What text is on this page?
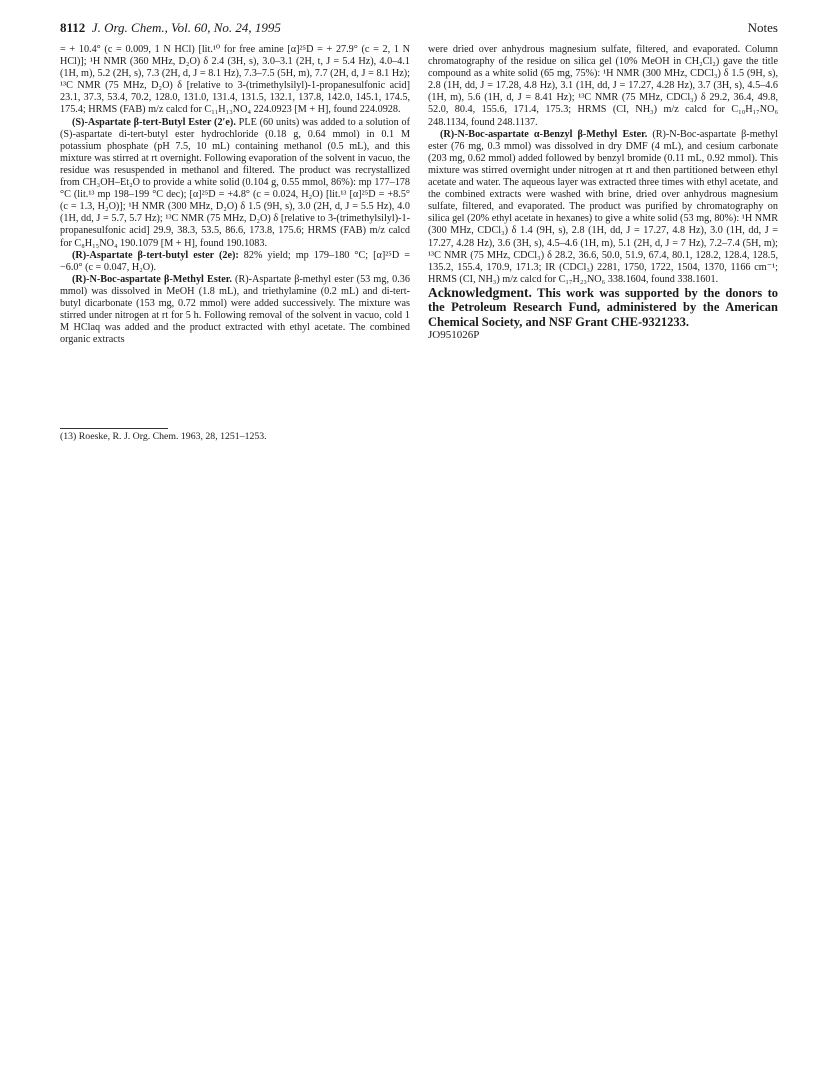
8112 J. Org. Chem., Vol. 60, No. 24, 1995	Notes

= + 10.4° (c = 0.009, 1 N HCl) [lit.¹⁰ for free amine [α]²⁵D = + 27.9° (c = 2, 1 N HCl)]; ¹H NMR (360 MHz, D₂O) δ 2.4 (3H, s), 3.0–3.1 (2H, t, J = 5.4 Hz), 4.0–4.1 (1H, m), 5.2 (2H, s), 7.3 (2H, d, J = 8.1 Hz), 7.3–7.5 (5H, m), 7.7 (2H, d, J = 8.1 Hz); ¹³C NMR (75 MHz, D₂O) δ [relative to 3-(trimethylsilyl)-1-propanesulfonic acid] 23.1, 37.3, 53.4, 70.2, 128.0, 131.0, 131.4, 131.5, 132.1, 137.8, 142.0, 145.1, 174.5, 175.4; HRMS (FAB) m/z calcd for C₁₁H₁₃NO₄ 224.0923 [M + H], found 224.0928.

(S)-Aspartate β-tert-Butyl Ester (2′e). PLE (60 units) was added to a solution of (S)-aspartate di-tert-butyl ester hydrochloride (0.18 g, 0.64 mmol) in 0.1 M potassium phosphate (pH 7.5, 10 mL) containing methanol (0.5 mL), and this mixture was stirred at rt overnight. Following evaporation of the solvent in vacuo, the residue was resuspended in methanol and filtered. The product was recrystallized from CH₃OH–Et₂O to provide a white solid (0.104 g, 0.55 mmol, 86%): mp 177–178 °C (lit.¹³ mp 198–199 °C dec); [α]²⁵D = +4.8° (c = 0.024, H₂O) [lit.¹³ [α]²⁵D = +8.5° (c = 1.3, H₂O)]; ¹H NMR (300 MHz, D₂O) δ 1.5 (9H, s), 3.0 (2H, d, J = 5.5 Hz), 4.0 (1H, dd, J = 5.7, 5.7 Hz); ¹³C NMR (75 MHz, D₂O) δ [relative to 3-(trimethylsilyl)-1-propanesulfonic acid] 29.9, 38.3, 53.5, 86.6, 173.8, 175.6; HRMS (FAB) m/z calcd for C₈H₁₅NO₄ 190.1079 [M + H], found 190.1083.

(R)-Aspartate β-tert-butyl ester (2e): 82% yield; mp 179–180 °C; [α]²⁵D = −6.0° (c = 0.047, H₂O).

(R)-N-Boc-aspartate β-Methyl Ester. (R)-Aspartate β-methyl ester (53 mg, 0.36 mmol) was dissolved in MeOH (1.8 mL), and triethylamine (0.2 mL) and di-tert-butyl dicarbonate (153 mg, 0.72 mmol) were added successively. The mixture was stirred under nitrogen at rt for 5 h. Following removal of the solvent in vacuo, cold 1 M HClaq was added and the product extracted with ethyl acetate. The combined organic extracts

(13) Roeske, R. J. Org. Chem. 1963, 28, 1251–1253.

were dried over anhydrous magnesium sulfate, filtered, and evaporated. Column chromatography of the residue on silica gel (10% MeOH in CH₂Cl₂) gave the title compound as a white solid (65 mg, 75%): ¹H NMR (300 MHz, CDCl₃) δ 1.5 (9H, s), 2.8 (1H, dd, J = 17.28, 4.8 Hz), 3.1 (1H, dd, J = 17.27, 4.28 Hz), 3.7 (3H, s), 4.5–4.6 (1H, m), 5.6 (1H, d, J = 8.41 Hz); ¹³C NMR (75 MHz, CDCl₃) δ 29.2, 36.4, 49.8, 52.0, 80.4, 155.6, 171.4, 175.3; HRMS (CI, NH₃) m/z calcd for C₁₀H₁₇NO₆ 248.1134, found 248.1137.

(R)-N-Boc-aspartate α-Benzyl β-Methyl Ester. (R)-N-Boc-aspartate β-methyl ester (76 mg, 0.3 mmol) was dissolved in dry DMF (4 mL), and cesium carbonate (203 mg, 0.62 mmol) added followed by benzyl bromide (0.11 mL, 0.92 mmol). This mixture was stirred overnight under nitrogen at rt and then partitioned between ethyl acetate and water. The aqueous layer was extracted three times with ethyl acetate, and the combined extracts were washed with brine, dried over anhydrous magnesium sulfate, filtered, and evaporated. The product was purified by chromatography on silica gel (20% ethyl acetate in hexanes) to give a white solid (53 mg, 80%): ¹H NMR (300 MHz, CDCl₃) δ 1.4 (9H, s), 2.8 (1H, dd, J = 17.27, 4.8 Hz), 3.0 (1H, dd, J = 17.27, 4.28 Hz), 3.6 (3H, s), 4.5–4.6 (1H, m), 5.1 (2H, d, J = 7 Hz), 7.2–7.4 (5H, m); ¹³C NMR (75 MHz, CDCl₃) δ 28.2, 36.6, 50.0, 51.9, 67.4, 80.1, 128.2, 128.4, 128.5, 135.2, 155.4, 170.9, 171.3; IR (CDCl₃) 2281, 1750, 1722, 1504, 1370, 1166 cm⁻¹; HRMS (CI, NH₃) m/z calcd for C₁₇H₂₃NO₆ 338.1604, found 338.1601.

Acknowledgment. This work was supported by the donors to the Petroleum Research Fund, administered by the American Chemical Society, and NSF Grant CHE-9321233.

JO951026P
